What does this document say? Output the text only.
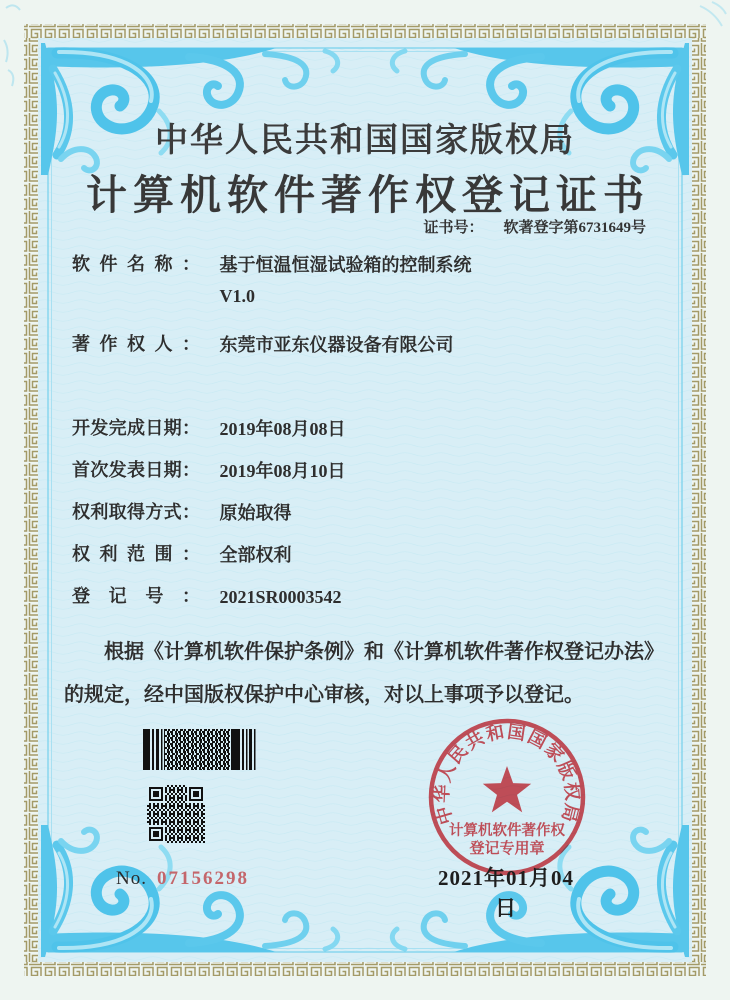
中华人民共和国国家版权局
计算机软件著作权登记证书
证书号： 软著登字第6731649号
软件名称： 基于恒温恒湿试验箱的控制系统
V1.0
著作权人： 东莞市亚东仪器设备有限公司
开发完成日期： 2019年08月08日
首次发表日期： 2019年08月10日
权利取得方式： 原始取得
权利范围： 全部权利
登记号： 2021SR0003542

根据《计算机软件保护条例》和《计算机软件著作权登记办法》的规定，经中国版权保护中心审核，对以上事项予以登记。

No. 07156298
中华人民共和国国家版权局
计算机软件著作权
登记专用章
2021年01月04日
